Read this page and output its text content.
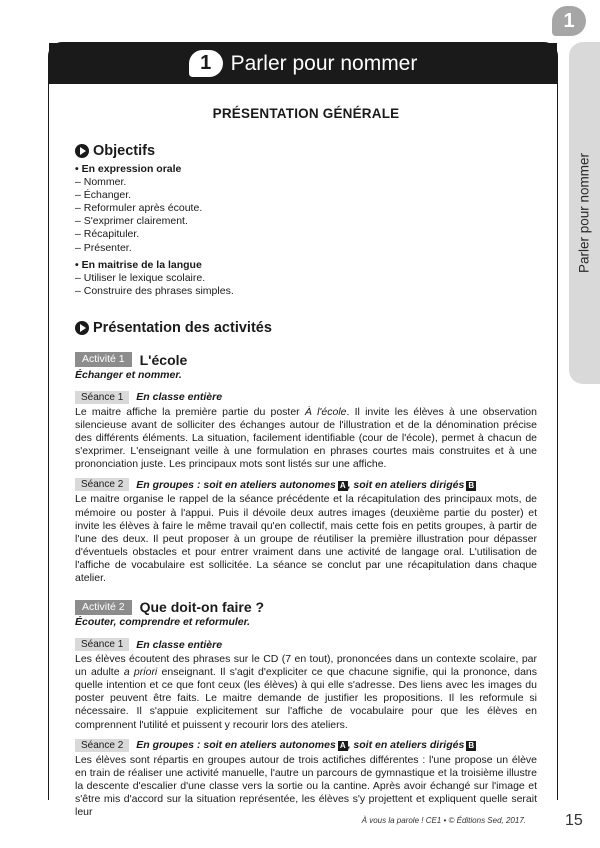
1
Parler pour nommer
1 Parler pour nommer
PRÉSENTATION GÉNÉRALE
Objectifs
• En expression orale
– Nommer.
– Échanger.
– Reformuler après écoute.
– S'exprimer clairement.
– Récapituler.
– Présenter.
• En maitrise de la langue
– Utiliser le lexique scolaire.
– Construire des phrases simples.
Présentation des activités
Activité 1	L'école
Échanger et nommer.
Séance 1	En classe entière
Le maitre affiche la première partie du poster À l'école. Il invite les élèves à une observation silencieuse avant de solliciter des échanges autour de l'illustration et de la dénomination précise des différents éléments. La situation, facilement identifiable (cour de l'école), permet à chacun de s'exprimer. L'enseignant veille à une formulation en phrases courtes mais construites et à une prononciation juste. Les principaux mots sont listés sur une affiche.
Séance 2	En groupes : soit en ateliers autonomes A , soit en ateliers dirigés B
Le maitre organise le rappel de la séance précédente et la récapitulation des principaux mots, de mémoire ou poster à l'appui. Puis il dévoile deux autres images (deuxième partie du poster) et invite les élèves à faire le même travail qu'en collectif, mais cette fois en petits groupes, à partir de l'une des deux. Il peut proposer à un groupe de réutiliser la première illustration pour dépasser d'éventuels obstacles et pour entrer vraiment dans une activité de langage oral. L'utilisation de l'affiche de vocabulaire est sollicitée. La séance se conclut par une récapitulation dans chaque atelier.
Activité 2	Que doit-on faire ?
Écouter, comprendre et reformuler.
Séance 1	En classe entière
Les élèves écoutent des phrases sur le CD (7 en tout), prononcées dans un contexte scolaire, par un adulte a priori enseignant. Il s'agit d'expliciter ce que chacune signifie, qui la prononce, dans quelle intention et ce que font ceux (les élèves) à qui elle s'adresse. Des liens avec les images du poster peuvent être faits. Le maitre demande de justifier les propositions. Il les reformule si nécessaire. Il s'appuie explicitement sur l'affiche de vocabulaire pour que les élèves en comprennent l'utilité et puissent y recourir lors des ateliers.
Séance 2	En groupes : soit en ateliers autonomes A , soit en ateliers dirigés B
Les élèves sont répartis en groupes autour de trois actifiches différentes : l'une propose un élève en train de réaliser une activité manuelle, l'autre un parcours de gymnastique et la troisième illustre la descente d'escalier d'une classe vers la sortie ou la cantine. Après avoir échangé sur l'image et s'être mis d'accord sur la situation représentée, les élèves s'y projettent et expliquent quelle serait leur
À vous la parole ! CE1 • © Éditions Sed, 2017. 15
